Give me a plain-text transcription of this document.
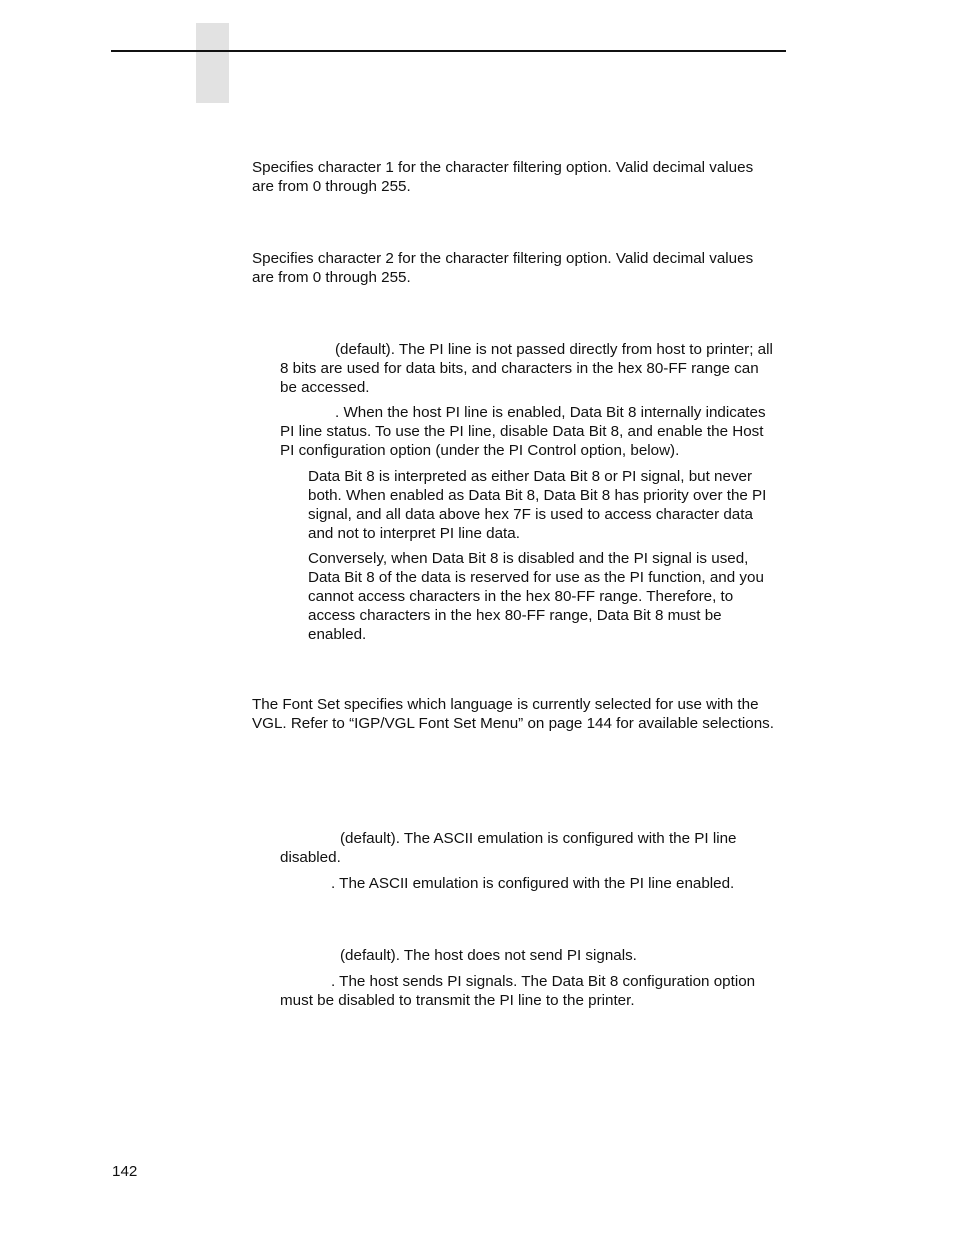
Specifies character 1 for the character filtering option. Valid decimal values
are from 0 through 255.
Specifies character 2 for the character filtering option. Valid decimal values
are from 0 through 255.
(default). The PI line is not passed directly from host to printer; all
8 bits are used for data bits, and characters in the hex 80-FF range can
be accessed.
. When the host PI line is enabled, Data Bit 8 internally indicates
PI line status. To use the PI line, disable Data Bit 8, and enable the Host
PI configuration option (under the PI Control option, below).
Data Bit 8 is interpreted as either Data Bit 8 or PI signal, but never
both. When enabled as Data Bit 8, Data Bit 8 has priority over the PI
signal, and all data above hex 7F is used to access character data
and not to interpret PI line data.
Conversely, when Data Bit 8 is disabled and the PI signal is used,
Data Bit 8 of the data is reserved for use as the PI function, and you
cannot access characters in the hex 80-FF range. Therefore, to
access characters in the hex 80-FF range, Data Bit 8 must be
enabled.
The Font Set specifies which language is currently selected for use with the
VGL. Refer to “IGP/VGL Font Set Menu” on page 144 for available selections.
(default). The ASCII emulation is configured with the PI line
disabled.
. The ASCII emulation is configured with the PI line enabled.
(default). The host does not send PI signals.
. The host sends PI signals. The Data Bit 8 configuration option
must be disabled to transmit the PI line to the printer.
142
